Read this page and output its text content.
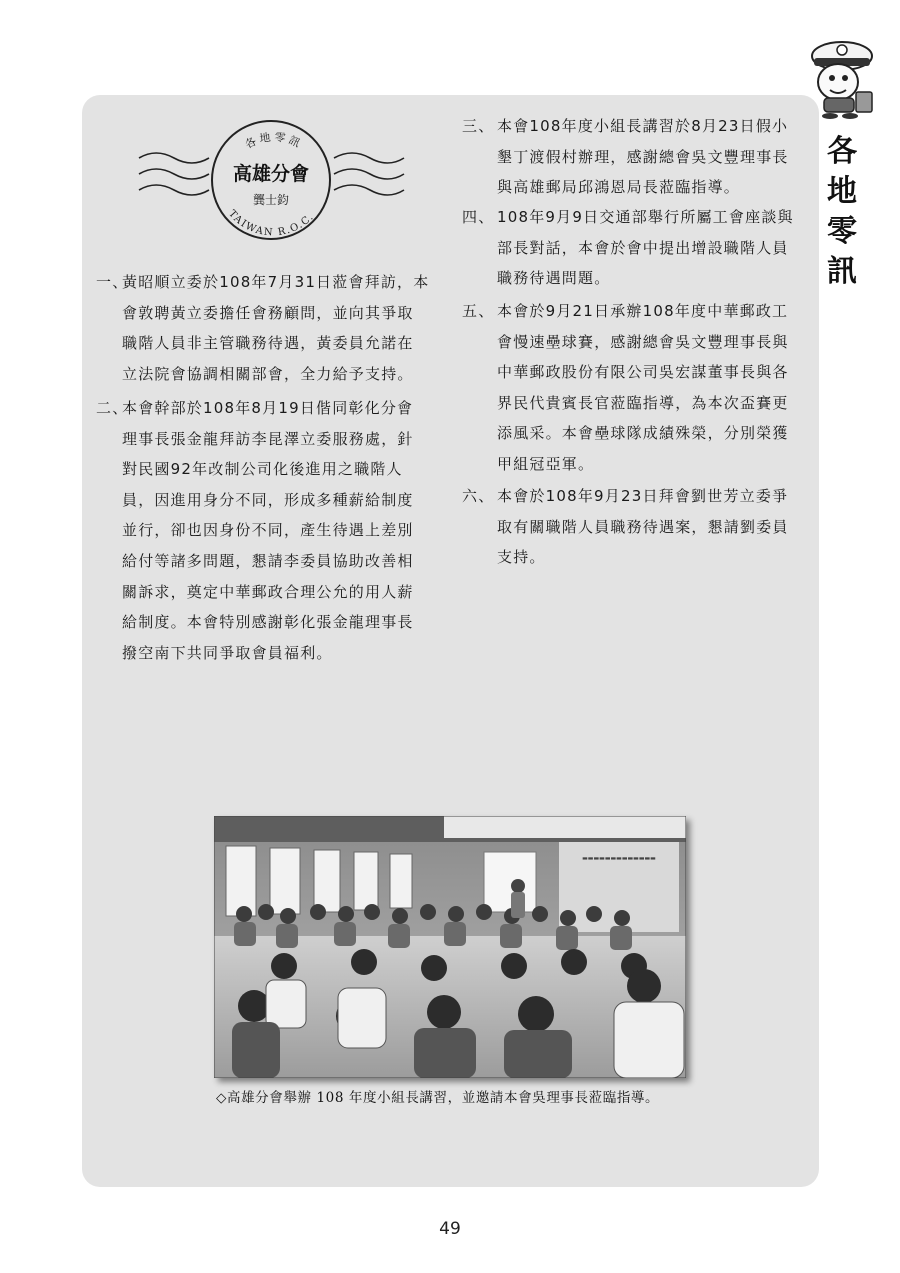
各
地
零
訊
各地零訊
高雄分會
龔士鈞
TAIWAN R.O.C.
一、
黃昭順立委於108年7月31日蒞會拜訪，本
會敦聘黃立委擔任會務顧問，並向其爭取
職階人員非主管職務待遇，黃委員允諾在
立法院會協調相關部會，全力給予支持。
二、
本會幹部於108年8月19日偕同彰化分會
理事長張金龍拜訪李昆澤立委服務處，針
對民國92年改制公司化後進用之職階人
員，因進用身分不同，形成多種薪給制度
並行，卻也因身份不同，產生待遇上差別
給付等諸多問題，懇請李委員協助改善相
關訴求，奠定中華郵政合理公允的用人薪
給制度。本會特別感謝彰化張金龍理事長
撥空南下共同爭取會員福利。
三、 本會108年度小組長講習於8月23日假小
墾丁渡假村辦理，感謝總會吳文豐理事長
與高雄郵局邱鴻恩局長蒞臨指導。
四、 108年9月9日交通部舉行所屬工會座談與
部長對話，本會於會中提出增設職階人員
職務待遇問題。
五、 本會於9月21日承辦108年度中華郵政工
會慢速壘球賽，感謝總會吳文豐理事長與
中華郵政股份有限公司吳宏謀董事長與各
界民代貴賓長官蒞臨指導，為本次盃賽更
添風采。本會壘球隊成績殊榮，分別榮獲
甲組冠亞軍。
六、 本會於108年9月23日拜會劉世芳立委爭
取有關職階人員職務待遇案，懇請劉委員
支持。
▬▬▬▬▬▬▬▬▬▬▬▬▬
◇高雄分會舉辦 108 年度小組長講習，並邀請本會吳理事長蒞臨指導。
49
